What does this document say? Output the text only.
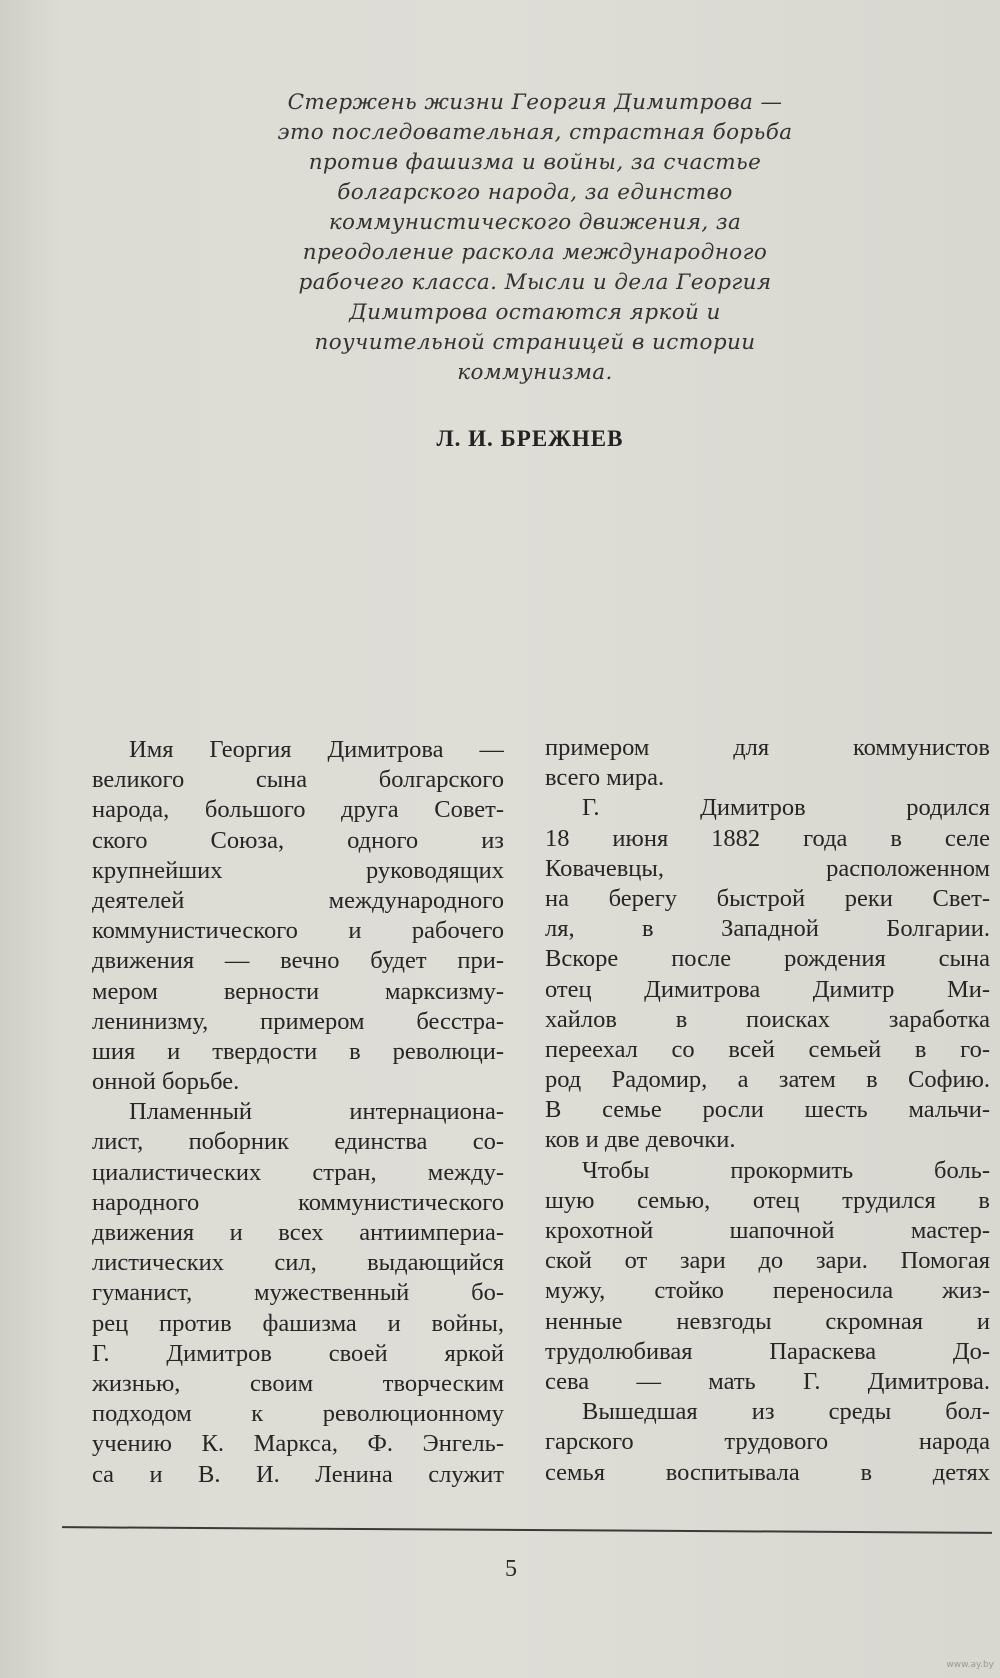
Стержень жизни Георгия Димитрова —
это последовательная, страстная борьба
против фашизма и войны, за счастье
болгарского народа, за единство
коммунистического движения, за
преодоление раскола международного
рабочего класса. Мысли и дела Георгия
Димитрова остаются яркой и
поучительной страницей в истории
коммунизма.
Л. И. БРЕЖНЕВ
Имя Георгия Димитрова —
великого сына болгарского
народа, большого друга Совет-
ского Союза, одного из
крупнейших руководящих
деятелей международного
коммунистического и рабочего
движения — вечно будет при-
мером верности марксизму-
ленинизму, примером бесстра-
шия и твердости в революци-
онной борьбе.
Пламенный интернациона-
лист, поборник единства со-
циалистических стран, между-
народного коммунистического
движения и всех антиимпериа-
листических сил, выдающийся
гуманист, мужественный бо-
рец против фашизма и войны,
Г. Димитров своей яркой
жизнью, своим творческим
подходом к революционному
учению К. Маркса, Ф. Энгель-
са и В. И. Ленина служит
примером для коммунистов
всего мира.
Г. Димитров родился
18 июня 1882 года в селе
Ковачевцы, расположенном
на берегу быстрой реки Свет-
ля, в Западной Болгарии.
Вскоре после рождения сына
отец Димитрова Димитр Ми-
хайлов в поисках заработка
переехал со всей семьей в го-
род Радомир, а затем в Софию.
В семье росли шесть мальчи-
ков и две девочки.
Чтобы прокормить боль-
шую семью, отец трудился в
крохотной шапочной мастер-
ской от зари до зари. Помогая
мужу, стойко переносила жиз-
ненные невзгоды скромная и
трудолюбивая Параскева До-
сева — мать Г. Димитрова.
Вышедшая из среды бол-
гарского трудового народа
семья воспитывала в детях
5
www.ay.by
